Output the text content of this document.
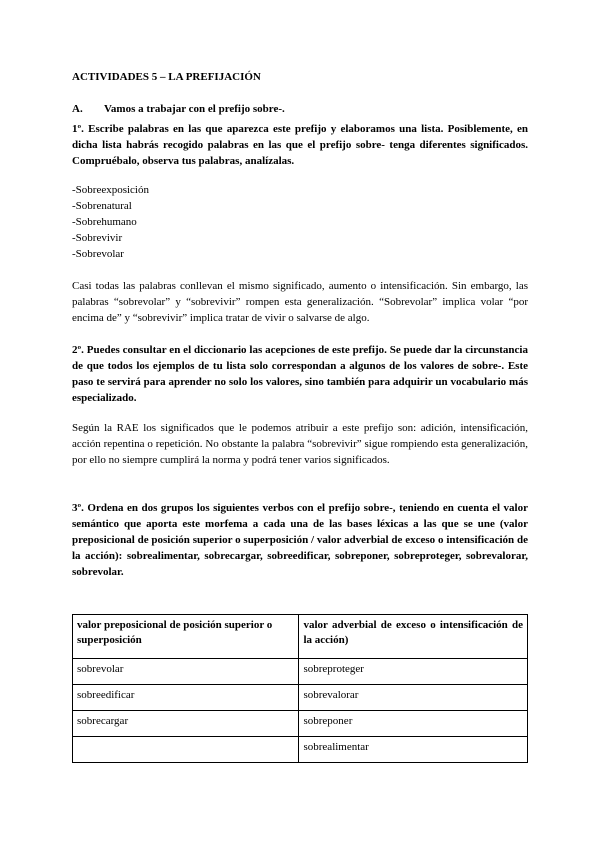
ACTIVIDADES 5 – LA PREFIJACIÓN
A. Vamos a trabajar con el prefijo sobre-.

1º. Escribe palabras en las que aparezca este prefijo y elaboramos una lista. Posiblemente, en dicha lista habrás recogido palabras en las que el prefijo sobre- tenga diferentes significados. Compruébalo, observa tus palabras, analízalas.

-Sobreexposición
-Sobrenatural
-Sobrehumano
-Sobrevivir
-Sobrevolar

Casi todas las palabras conllevan el mismo significado, aumento o intensificación. Sin embargo, las palabras “sobrevolar” y “sobrevivir” rompen esta generalización. “Sobrevolar” implica volar “por encima de” y “sobrevivir” implica tratar de vivir o salvarse de algo.

2º. Puedes consultar en el diccionario las acepciones de este prefijo. Se puede dar la circunstancia de que todos los ejemplos de tu lista solo correspondan a algunos de los valores de sobre-. Este paso te servirá para aprender no solo los valores, sino también para adquirir un vocabulario más especializado.

Según la RAE los significados que le podemos atribuir a este prefijo son: adición, intensificación, acción repentina o repetición. No obstante la palabra “sobrevivir” sigue rompiendo esta generalización, por ello no siempre cumplirá la norma y podrá tener varios significados.

3º. Ordena en dos grupos los siguientes verbos con el prefijo sobre-, teniendo en cuenta el valor semántico que aporta este morfema a cada una de las bases léxicas a las que se une (valor preposicional de posición superior o superposición / valor adverbial de exceso o intensificación de la acción): sobrealimentar, sobrecargar, sobreedificar, sobreponer, sobreproteger, sobrevalorar, sobrevolar.

valor preposicional de posición superior o superposición	valor adverbial de exceso o intensificación de la acción)
sobrevolar	sobreproteger
sobreedificar	sobrevalorar
sobrecargar	sobreponer
	sobrealimentar
